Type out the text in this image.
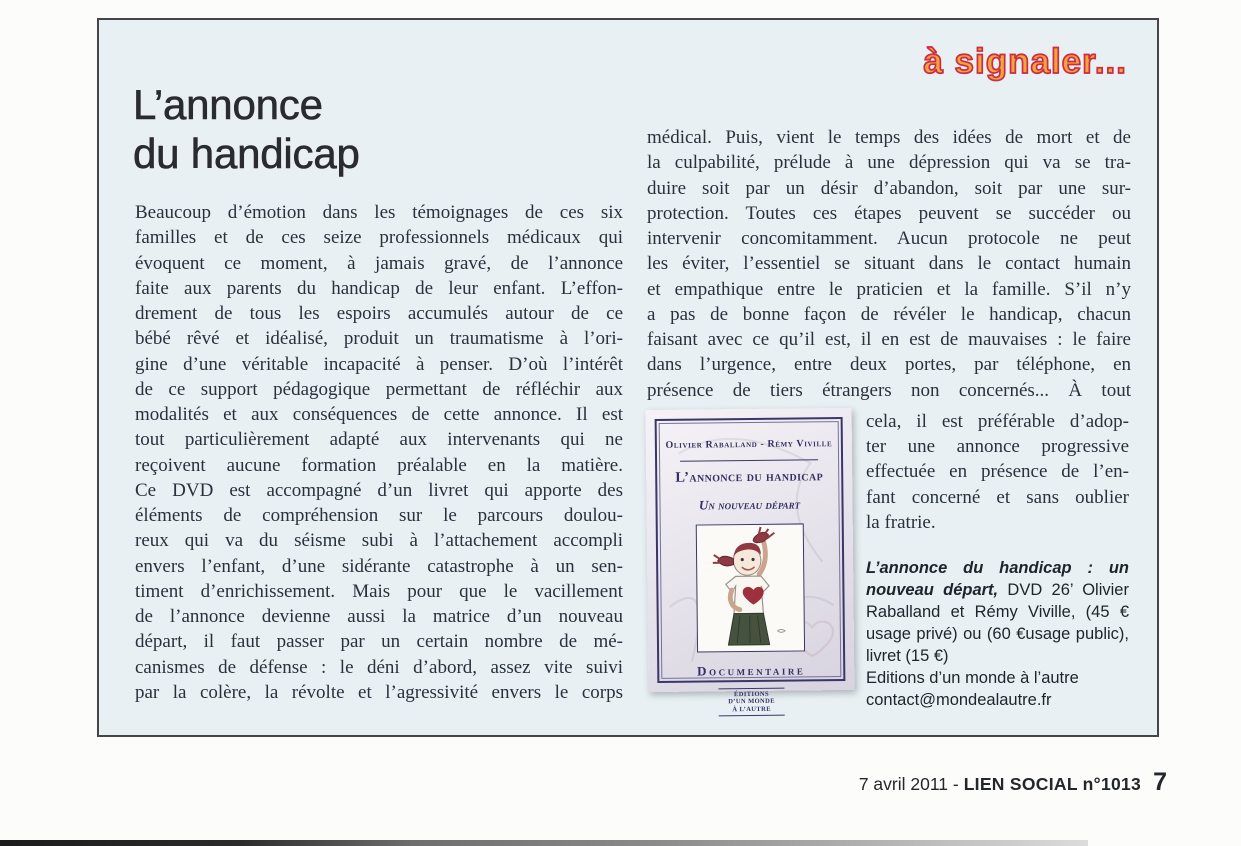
à signaler...
L’annonce
du handicap
Beaucoup d’émotion dans les témoignages de ces six
familles et de ces seize professionnels médicaux qui
évoquent ce moment, à jamais gravé, de l’annonce
faite aux parents du handicap de leur enfant. L’effon-
drement de tous les espoirs accumulés autour de ce
bébé rêvé et idéalisé, produit un traumatisme à l’ori-
gine d’une véritable incapacité à penser. D’où l’intérêt
de ce support pédagogique permettant de réfléchir aux
modalités et aux conséquences de cette annonce. Il est
tout particulièrement adapté aux intervenants qui ne
reçoivent aucune formation préalable en la matière.
Ce DVD est accompagné d’un livret qui apporte des
éléments de compréhension sur le parcours doulou-
reux qui va du séisme subi à l’attachement accompli
envers l’enfant, d’une sidérante catastrophe à un sen-
timent d’enrichissement. Mais pour que le vacillement
de l’annonce devienne aussi la matrice d’un nouveau
départ, il faut passer par un certain nombre de mé-
canismes de défense : le déni d’abord, assez vite suivi
par la colère, la révolte et l’agressivité envers le corps
médical. Puis, vient le temps des idées de mort et de
la culpabilité, prélude à une dépression qui va se tra-
duire soit par un désir d’abandon, soit par une sur-
protection. Toutes ces étapes peuvent se succéder ou
intervenir concomitamment. Aucun protocole ne peut
les éviter, l’essentiel se situant dans le contact humain
et empathique entre le praticien et la famille. S’il n’y
a pas de bonne façon de révéler le handicap, chacun
faisant avec ce qu’il est, il en est de mauvaises : le faire
dans l’urgence, entre deux portes, par téléphone, en
présence de tiers étrangers non concernés... À tout
Olivier Raballand - Rémy Viville
L’annonce du handicap
Un nouveau départ
Documentaire
ÉDITIONS
D’UN MONDE
À L’AUTRE
cela, il est préférable d’adop-
ter une annonce progressive
effectuée en présence de l’en-
fant concerné et sans oublier
la fratrie.

L’annonce du handicap : un nouveau départ, DVD 26’ Olivier Raballand et Rémy Viville, (45 € usage privé) ou (60 €usage public), livret (15 €)

Editions d’un monde à l’autre

contact@mondealautre.fr

7 avril 2011 - LIEN SOCIAL n°1013 7
